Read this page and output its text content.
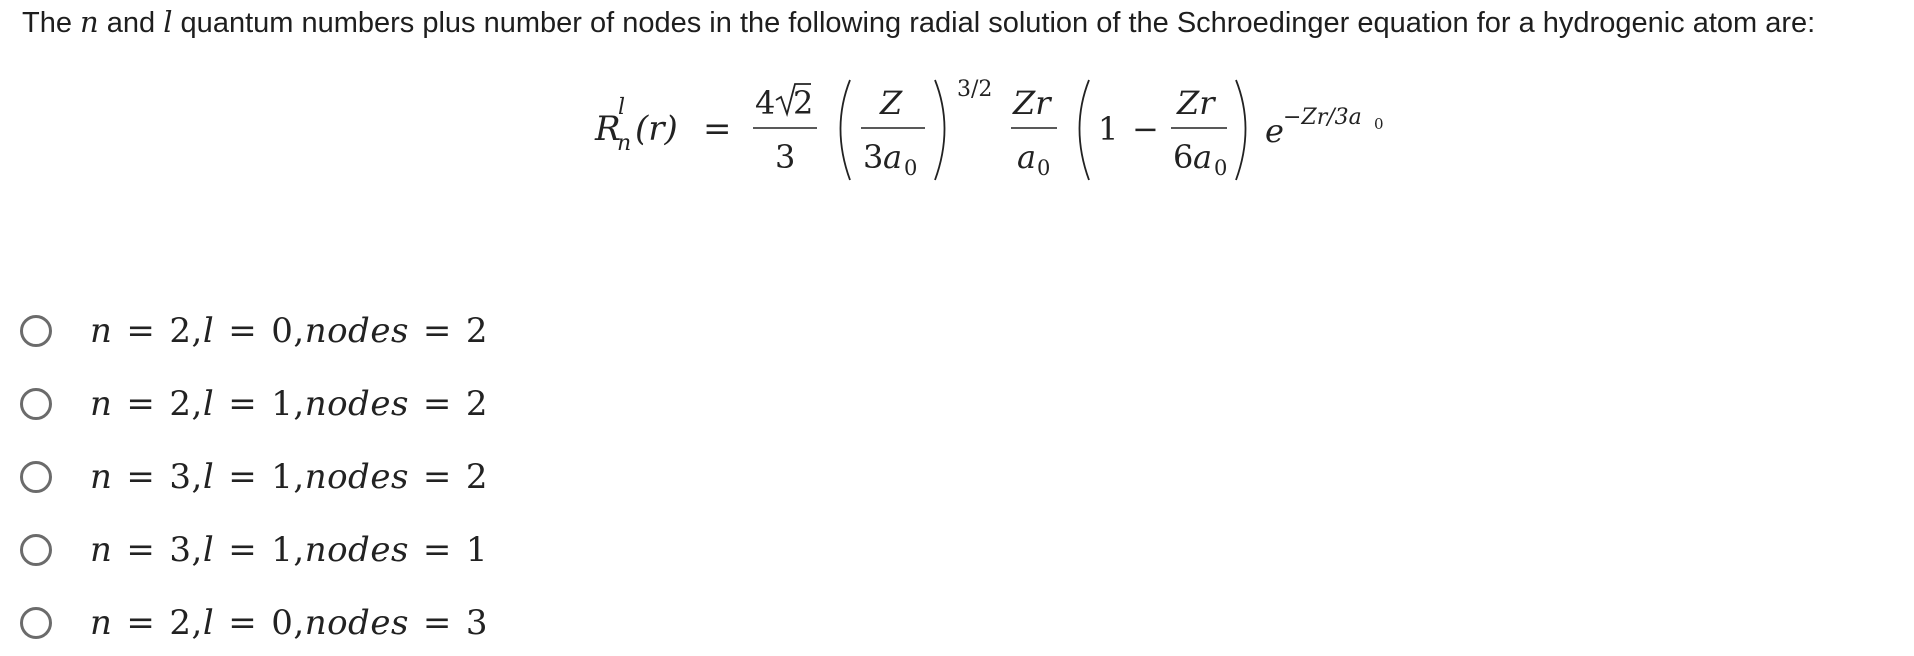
The n and l quantum numbers plus number of nodes in the following radial solution of the Schroedinger equation for a hydrogenic atom are:
R
l
n (r) =
4 2
3
Z
3 a 0
3/2 Zr
a 0
1 −
Zr
6 a 0
e −Zr/3a 0
n = 2,l = 0,nodes = 2
n = 2,l = 1,nodes = 2
n = 3,l = 1,nodes = 2
n = 3,l = 1,nodes = 1
n = 2,l = 0,nodes = 3
